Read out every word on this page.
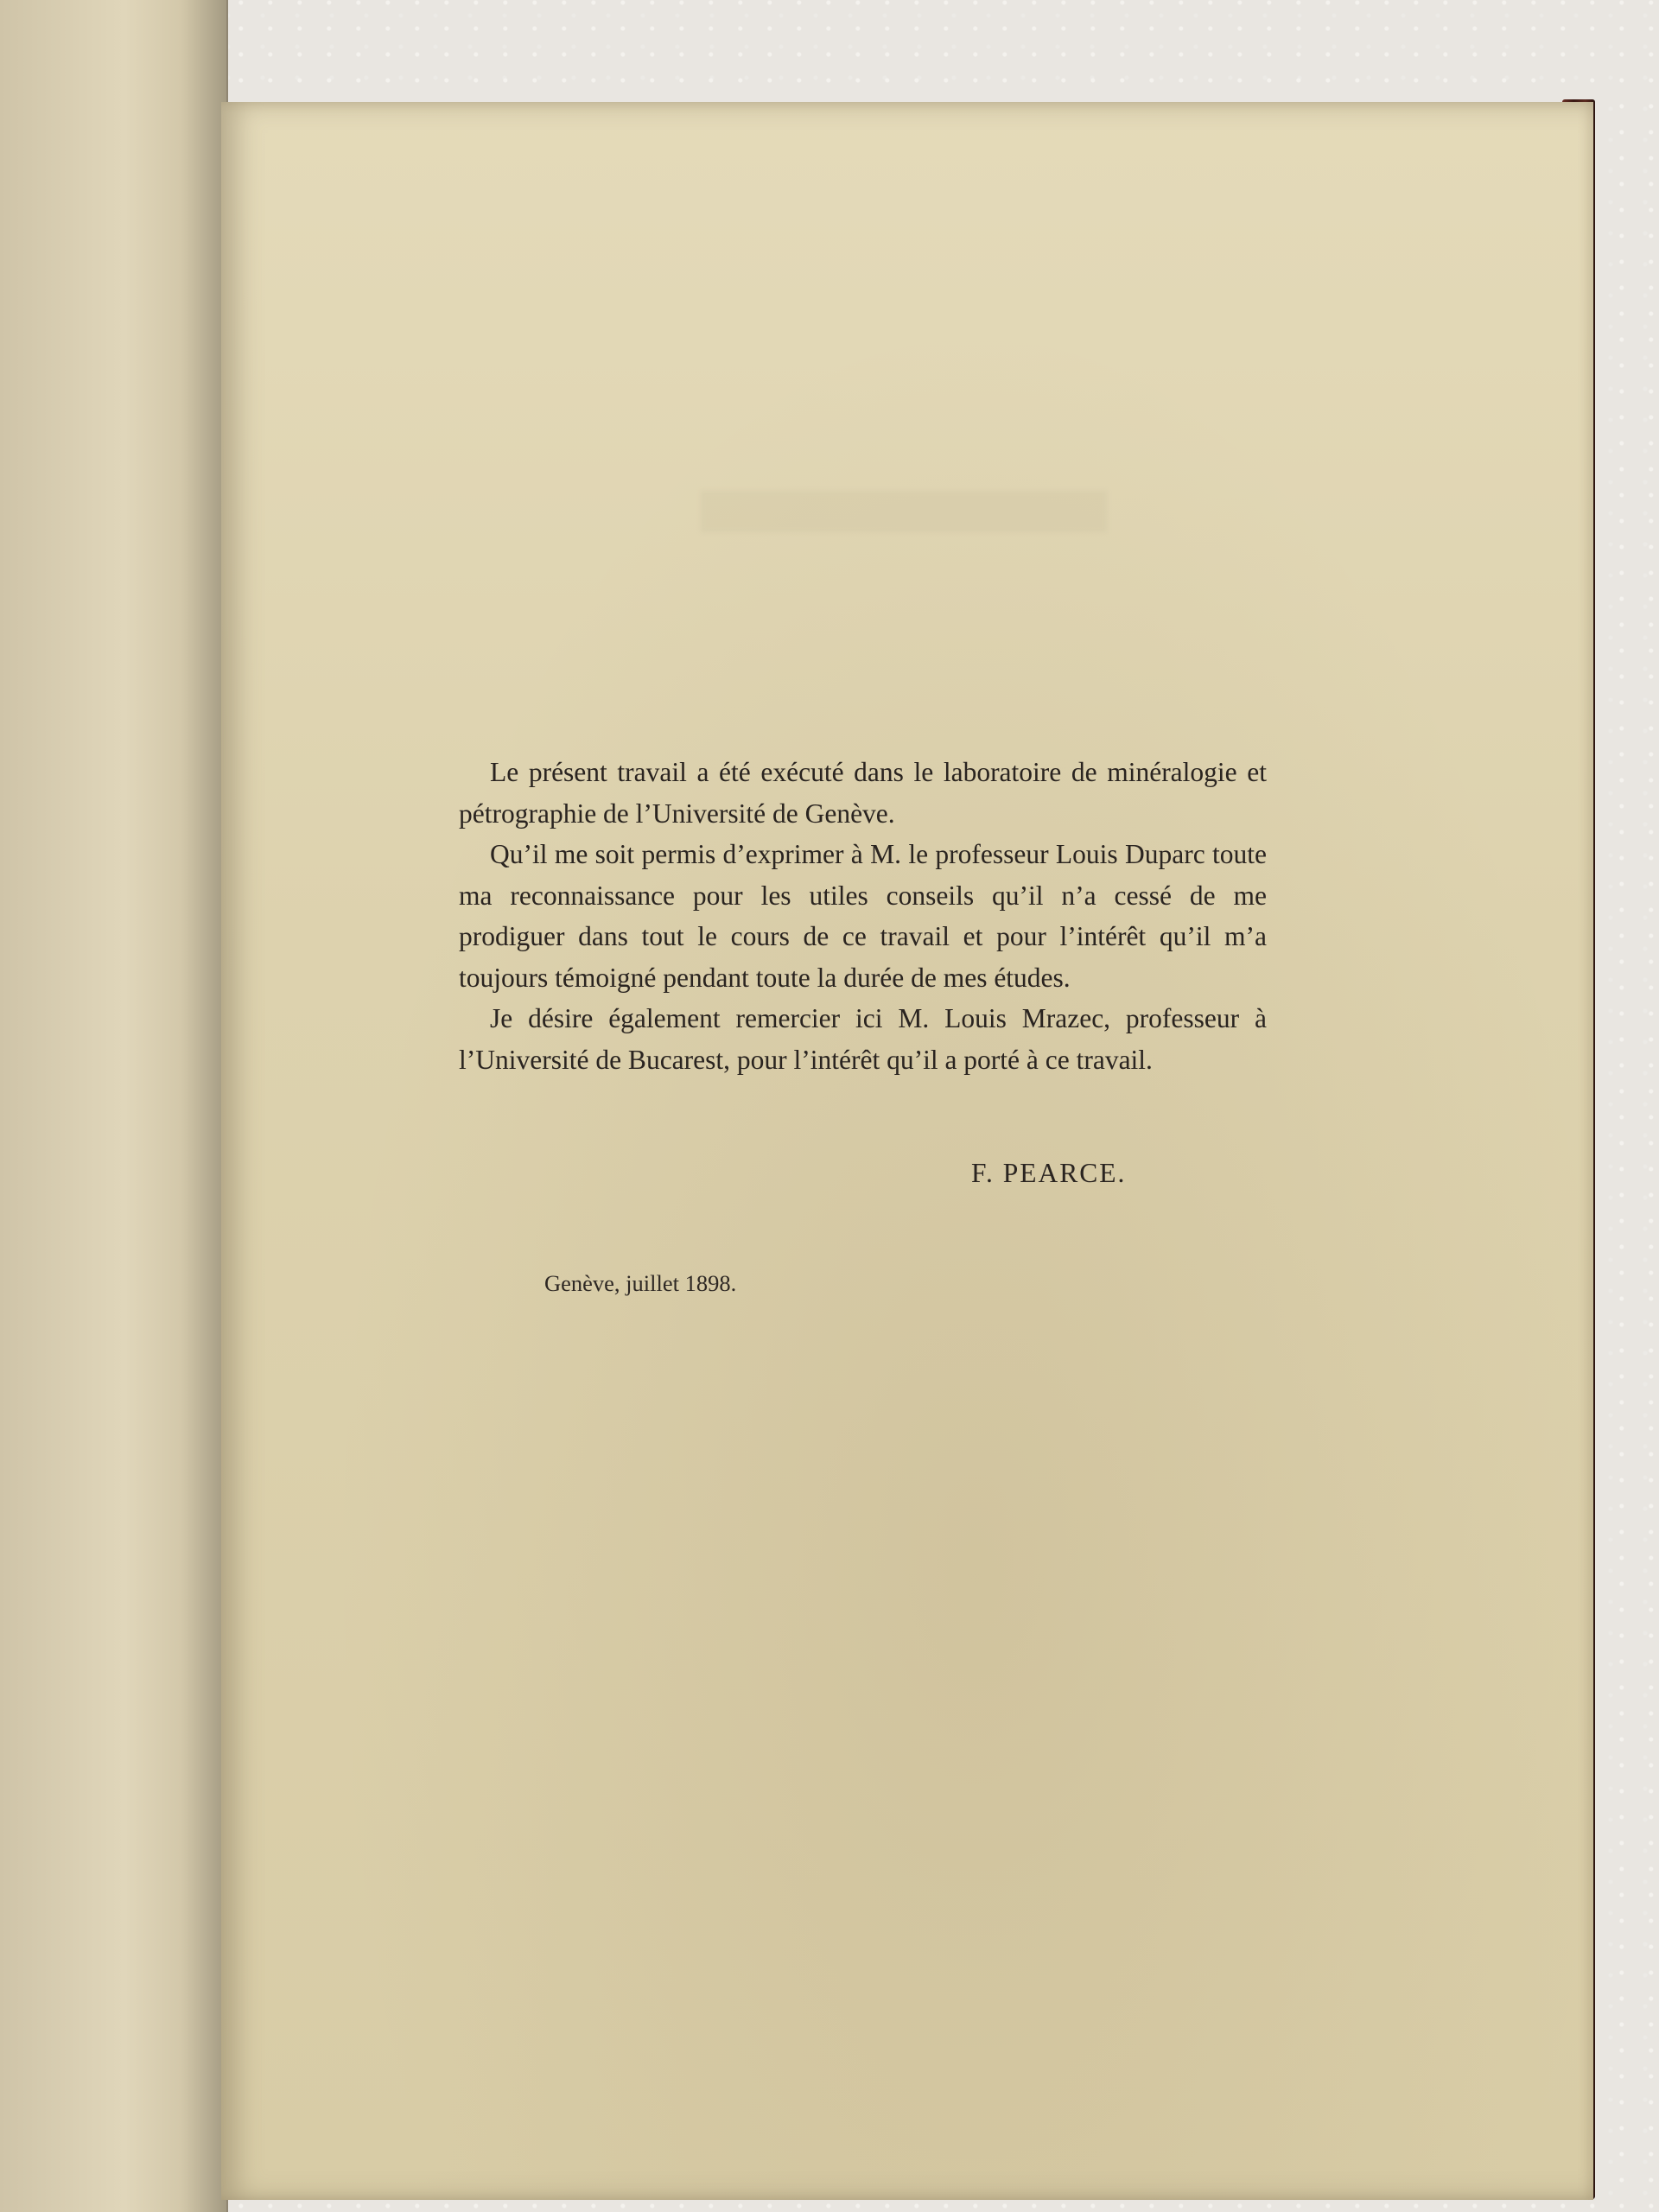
Le présent travail a été exécuté dans le laboratoire de minéralogie et pétrographie de l’Université de Genève.

Qu’il me soit permis d’exprimer à M. le professeur Louis Duparc toute ma reconnaissance pour les utiles conseils qu’il n’a cessé de me prodiguer dans tout le cours de ce travail et pour l’intérêt qu’il m’a toujours témoigné pendant toute la durée de mes études.

Je désire également remercier ici M. Louis Mrazec, professeur à l’Université de Bucarest, pour l’intérêt qu’il a porté à ce travail.

F. PEARCE.
Genève, juillet 1898.
